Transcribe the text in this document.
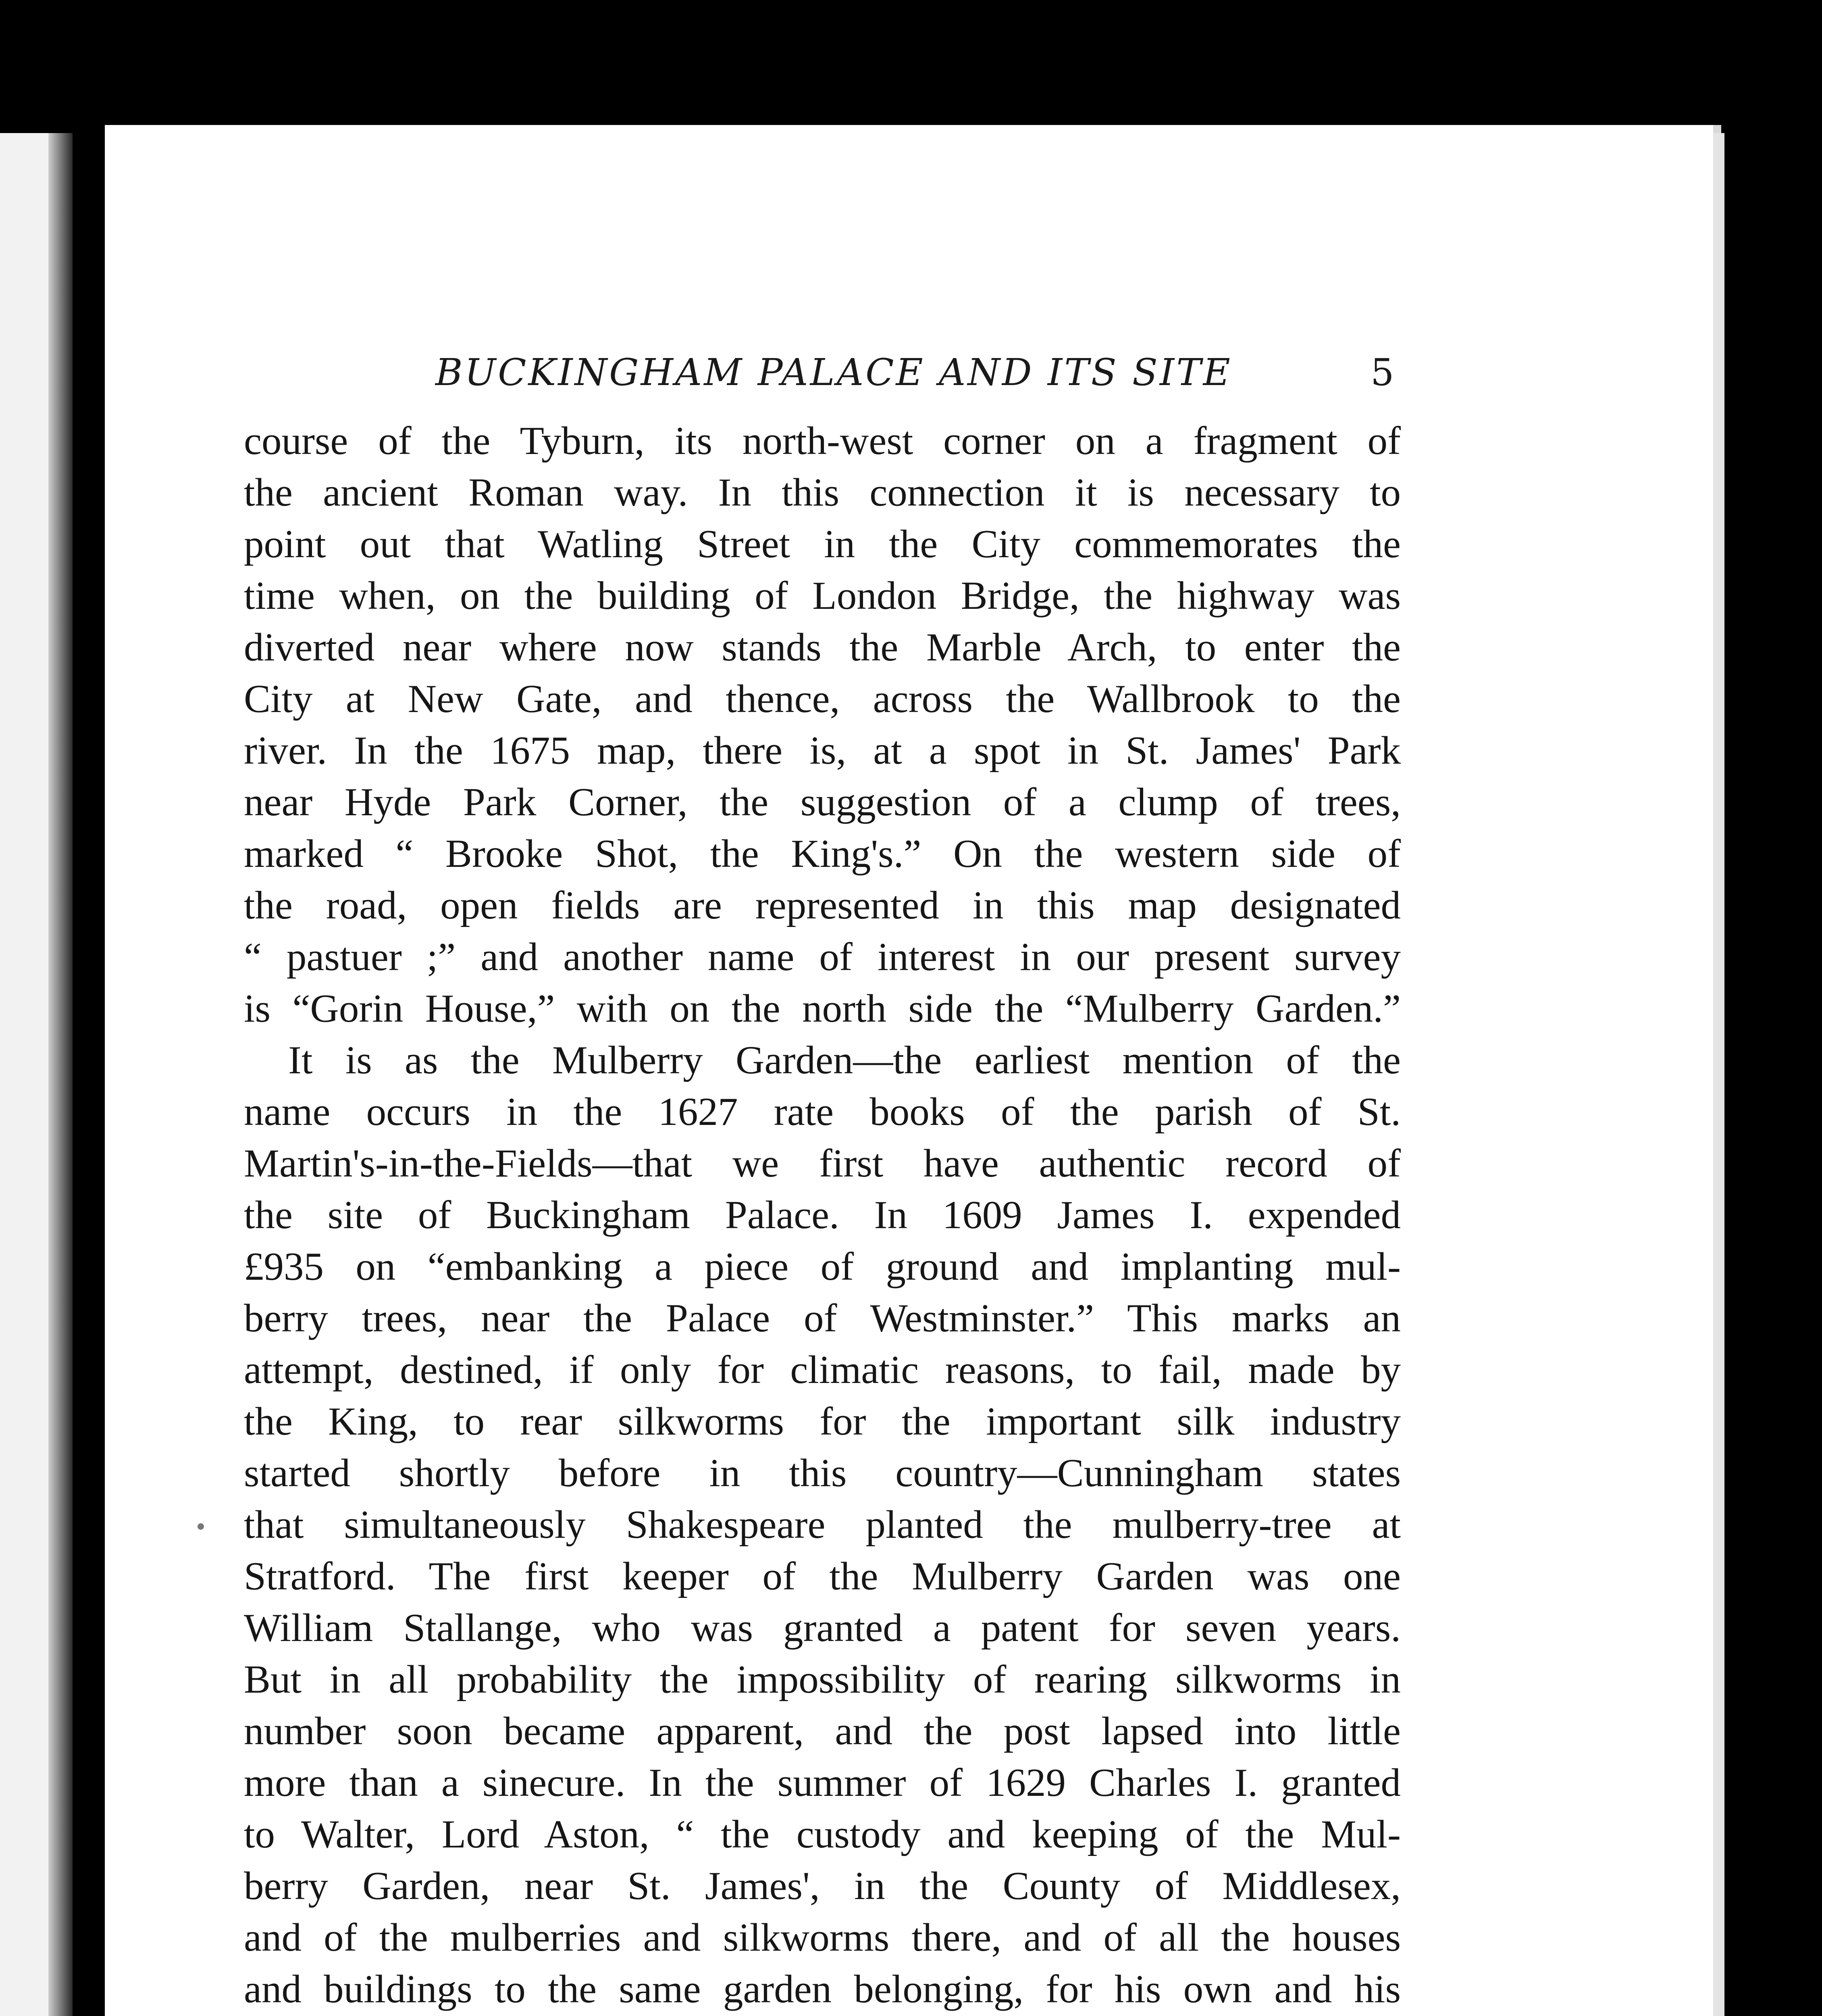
BUCKINGHAM PALACE AND ITS SITE	5
course of the Tyburn, its north-west corner on a fragment of
the ancient Roman way. In this connection it is necessary to
point out that Watling Street in the City commemorates the
time when, on the building of London Bridge, the highway was
diverted near where now stands the Marble Arch, to enter the
City at New Gate, and thence, across the Wallbrook to the
river. In the 1675 map, there is, at a spot in St. James' Park
near Hyde Park Corner, the suggestion of a clump of trees,
marked “ Brooke Shot, the King's.” On the western side of
the road, open fields are represented in this map designated
“ pastuer ;” and another name of interest in our present survey
is “Gorin House,” with on the north side the “Mulberry Garden.”
It is as the Mulberry Garden—the earliest mention of the
name occurs in the 1627 rate books of the parish of St.
Martin's-in-the-Fields—that we first have authentic record of
the site of Buckingham Palace. In 1609 James I. expended
£935 on “embanking a piece of ground and implanting mul-
berry trees, near the Palace of Westminster.” This marks an
attempt, destined, if only for climatic reasons, to fail, made by
the King, to rear silkworms for the important silk industry
started shortly before in this country—Cunningham states
that simultaneously Shakespeare planted the mulberry-tree at
Stratford. The first keeper of the Mulberry Garden was one
William Stallange, who was granted a patent for seven years.
But in all probability the impossibility of rearing silkworms in
number soon became apparent, and the post lapsed into little
more than a sinecure. In the summer of 1629 Charles I. granted
to Walter, Lord Aston, “ the custody and keeping of the Mul-
berry Garden, near St. James', in the County of Middlesex,
and of the mulberries and silkworms there, and of all the houses
and buildings to the same garden belonging, for his own and his
